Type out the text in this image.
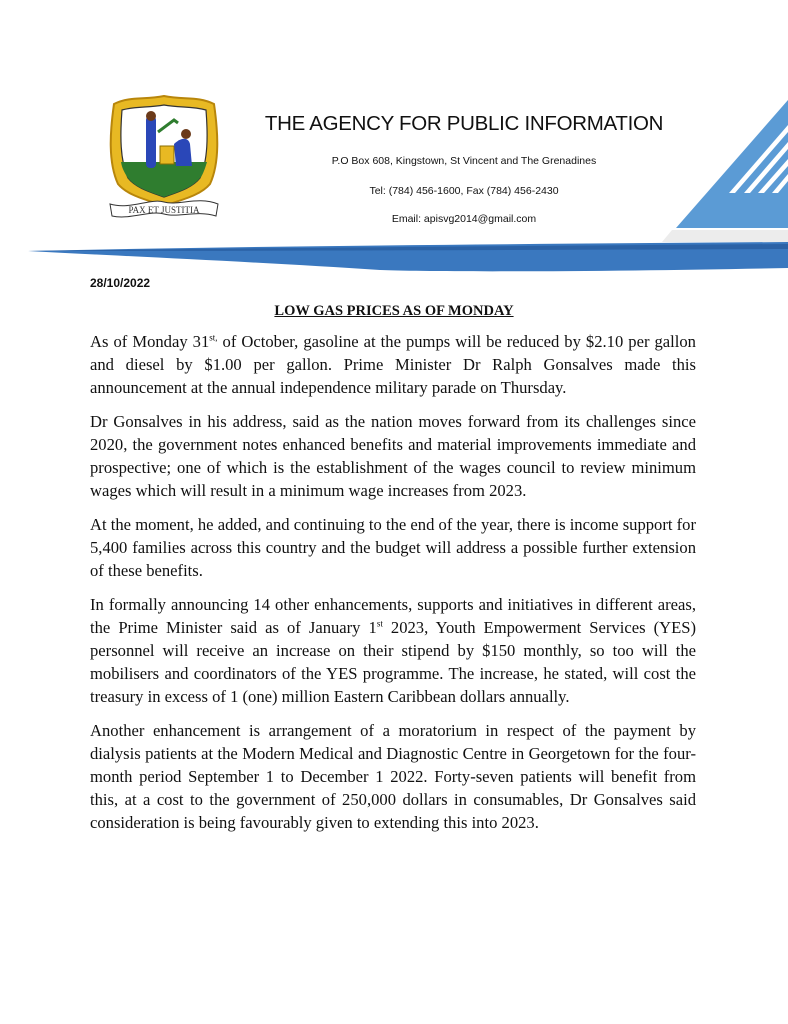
PAX ET JUSTITIA
THE AGENCY FOR PUBLIC INFORMATION
P.O Box 608, Kingstown, St Vincent and The Grenadines
Tel: (784) 456-1600, Fax (784) 456-2430
Email: apisvg2014@gmail.com
28/10/2022
LOW GAS PRICES AS OF MONDAY

As of Monday $31^{st,}$ of October, gasoline at the pumps will be reduced by $2.10 per gallon and diesel by $1.00 per gallon. Prime Minister Dr Ralph Gonsalves made this announcement at the annual independence military parade on Thursday.

Dr Gonsalves in his address, said as the nation moves forward from its challenges since 2020, the government notes enhanced benefits and material improvements immediate and prospective; one of which is the establishment of the wages council to review minimum wages which will result in a minimum wage increases from 2023.

At the moment, he added, and continuing to the end of the year, there is income support for 5,400 families across this country and the budget will address a possible further extension of these benefits.

In formally announcing 14 other enhancements, supports and initiatives in different areas, the Prime Minister said as of January 1st 2023, Youth Empowerment Services (YES) personnel will receive an increase on their stipend by $150 monthly, so too will the mobilisers and coordinators of the YES programme. The increase, he stated, will cost the treasury in excess of 1 (one) million Eastern Caribbean dollars annually.

Another enhancement is arrangement of a moratorium in respect of the payment by dialysis patients at the Modern Medical and Diagnostic Centre in Georgetown for the four-month period September 1 to December 1 2022. Forty-seven patients will benefit from this, at a cost to the government of 250,000 dollars in consumables, Dr Gonsalves said consideration is being favourably given to extending this into 2023.
